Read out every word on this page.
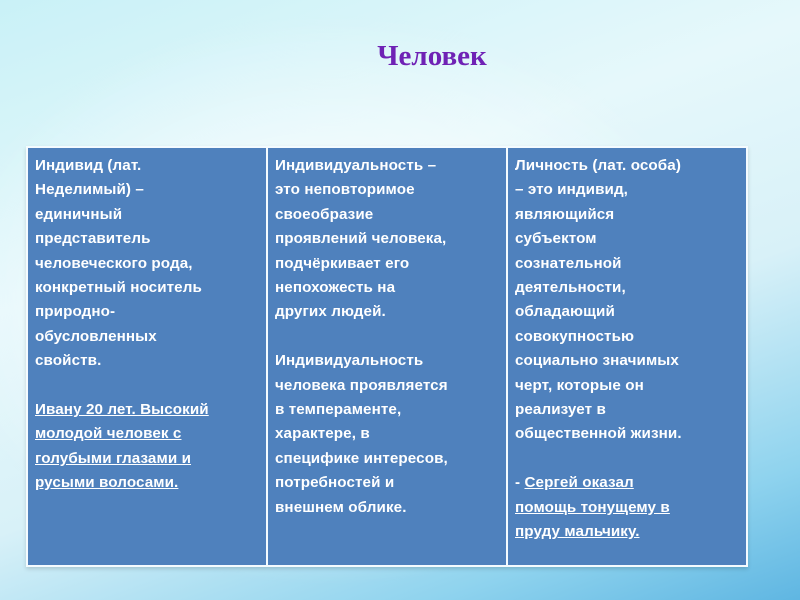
Человек
Индивид (лат.
Неделимый) –
единичный
представитель
человеческого рода,
конкретный носитель
природно-
обусловленных
свойств.
Ивану 20 лет. Высокий
молодой человек с
голубыми глазами и
русыми волосами.
Индивидуальность –
это неповторимое
своеобразие
проявлений человека,
подчёркивает его
непохожесть на
других людей.
Индивидуальность
человека проявляется
в темпераменте,
характере, в
специфике интересов,
потребностей и
внешнем облике.
Личность (лат. особа)
– это индивид,
являющийся
субъектом
сознательной
деятельности,
обладающий
совокупностью
социально значимых
черт, которые он
реализует в
общественной жизни.
- Сергей оказал
помощь тонущему в
пруду мальчику.
